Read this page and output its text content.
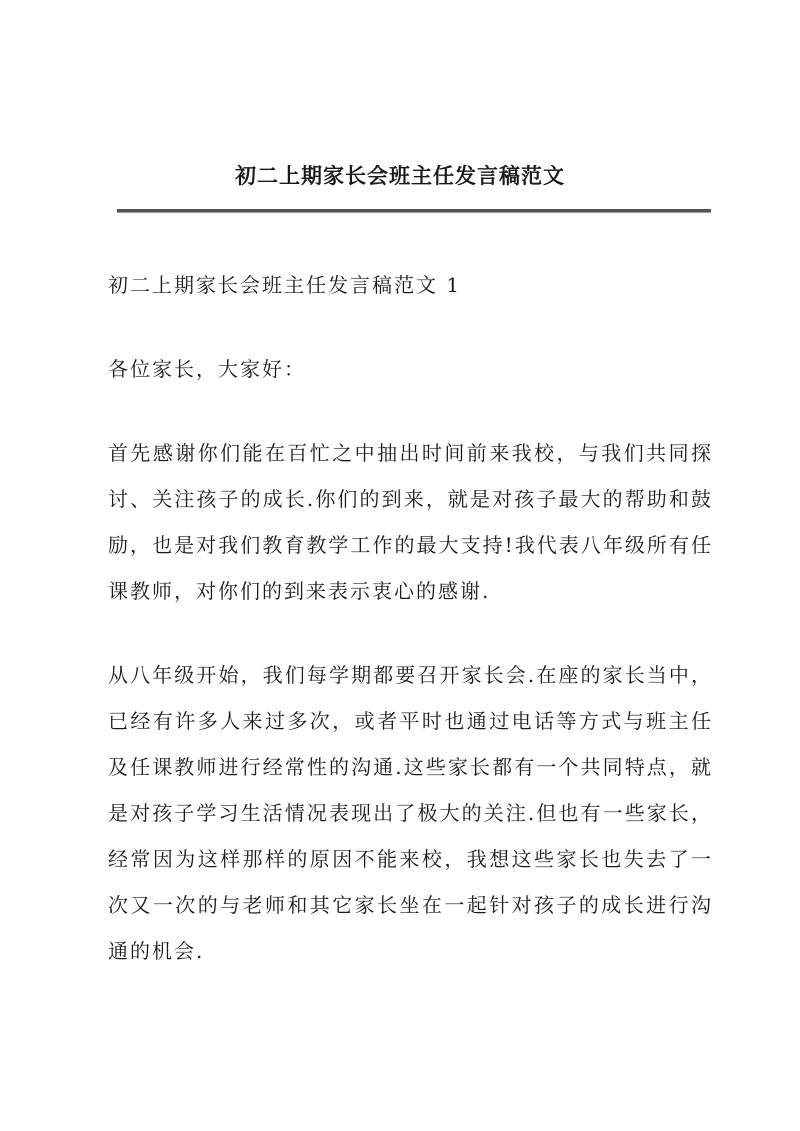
初二上期家长会班主任发言稿范文

初二上期家长会班主任发言稿范文 1

各位家长，大家好：

首先感谢你们能在百忙之中抽出时间前来我校，与我们共同探讨、关注孩子的成长.你们的到来，就是对孩子最大的帮助和鼓励，也是对我们教育教学工作的最大支持!我代表八年级所有任课教师，对你们的到来表示衷心的感谢.

从八年级开始，我们每学期都要召开家长会.在座的家长当中，已经有许多人来过多次，或者平时也通过电话等方式与班主任及任课教师进行经常性的沟通.这些家长都有一个共同特点，就是对孩子学习生活情况表现出了极大的关注.但也有一些家长，经常因为这样那样的原因不能来校，我想这些家长也失去了一次又一次的与老师和其它家长坐在一起针对孩子的成长进行沟通的机会.
